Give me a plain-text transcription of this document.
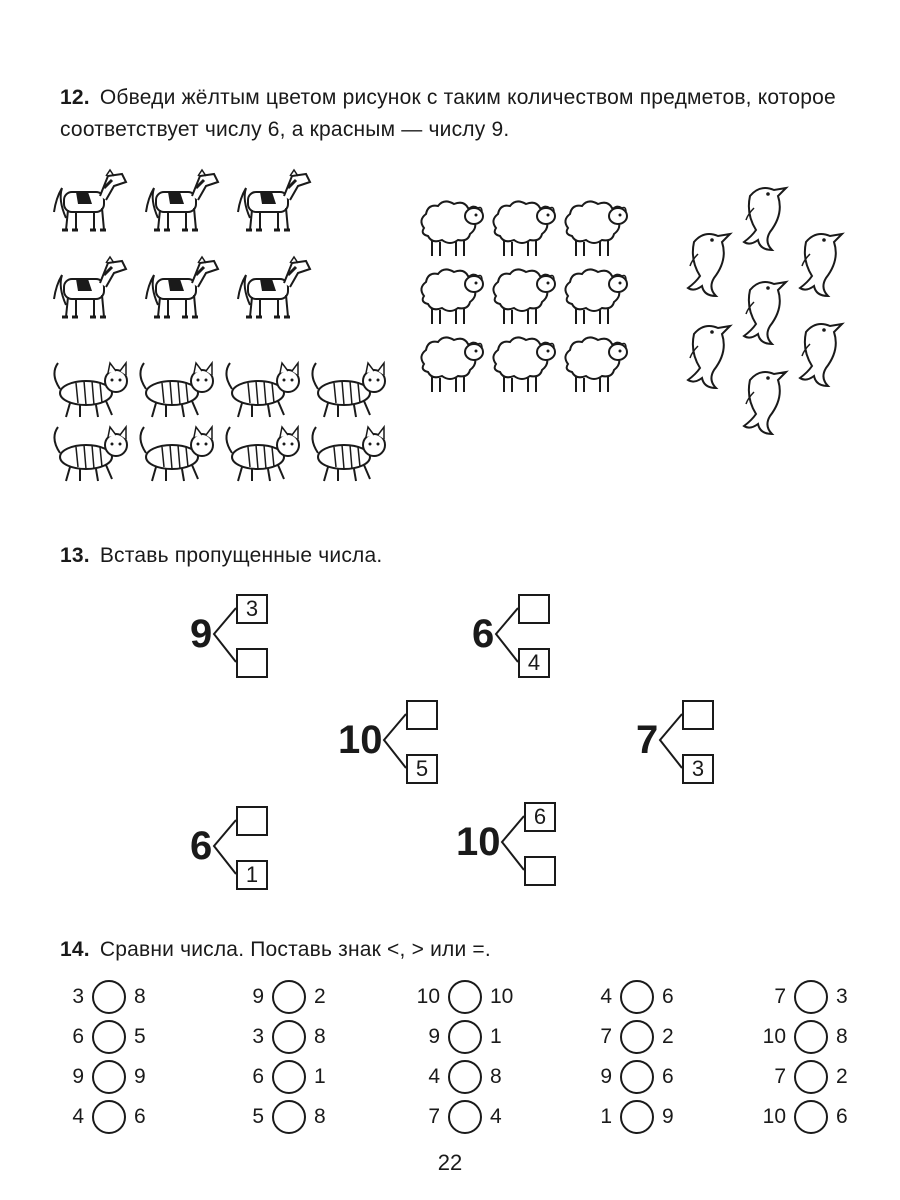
12. Обведи жёлтым цветом рисунок с таким количеством предметов, которое соответствует числу 6, а красным — числу 9.
13. Вставь пропущенные числа.
9
3
6
4
10
5
7
3
6
1
10
6
14. Сравни числа. Поставь знак <, > или =.
3 8
6 5
9 9
4 6
9 2
3 8
6 1
5 8
10 10
9 1
4 8
7 4
4 6
7 2
9 6
1 9
7 3
10 8
7 2
10 6
22
